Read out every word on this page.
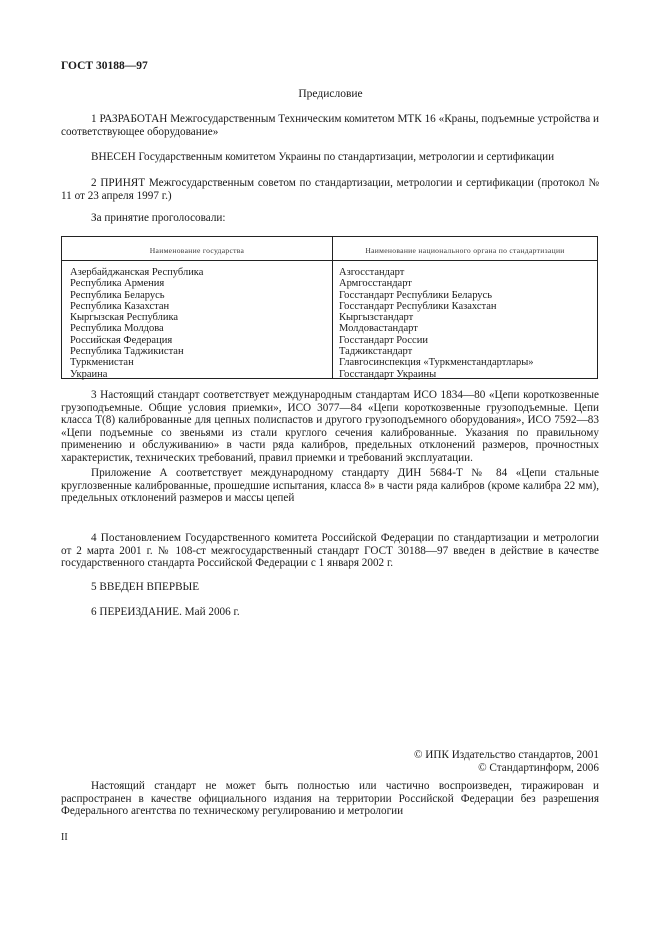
ГОСТ 30188—97
Предисловие
1 РАЗРАБОТАН Межгосударственным Техническим комитетом МТК 16 «Краны, подъемные устройства и соответствующее оборудование»
ВНЕСЕН Государственным комитетом Украины по стандартизации, метрологии и сертификации
2 ПРИНЯТ Межгосударственным советом по стандартизации, метрологии и сертификации (протокол № 11 от 23 апреля 1997 г.)
За принятие проголосовали:
Наименование государства	Наименование национального органа по стандартизации
Азербайджанская Республика
Республика Армения
Республика Беларусь
Республика Казахстан
Кыргызская Республика
Республика Молдова
Российская Федерация
Республика Таджикистан
Туркменистан
Украина
Азгосстандарт
Армгосстандарт
Госстандарт Республики Беларусь
Госстандарт Республики Казахстан
Кыргызстандарт
Молдовастандарт
Госстандарт России
Таджикстандарт
Главгосинспекция «Туркменстандартлары»
Госстандарт Украины
3 Настоящий стандарт соответствует международным стандартам ИСО 1834—80 «Цепи короткозвенные грузоподъемные. Общие условия приемки», ИСО 3077—84 «Цепи короткозвенные грузоподъемные. Цепи класса Т(8) калиброванные для цепных полиспастов и другого грузоподъемного оборудования», ИСО 7592—83 «Цепи подъемные со звеньями из стали круглого сечения калиброванные. Указания по правильному применению и обслуживанию» в части ряда калибров, предельных отклонений размеров, прочностных характеристик, технических требований, правил приемки и требований эксплуатации.
Приложение А соответствует международному стандарту ДИН 5684-Т № 84 «Цепи стальные круглозвенные калиброванные, прошедшие испытания, класса 8» в части ряда калибров (кроме калибра 22 мм), предельных отклонений размеров и массы цепей
4 Постановлением Государственного комитета Российской Федерации по стандартизации и метрологии от 2 марта 2001 г. № 108-ст межгосударственный стандарт ГОСТ 30188—97 введен в действие в качестве государственного стандарта Российской Федерации с 1 января 2002 г.
5 ВВЕДЕН ВПЕРВЫЕ
6 ПЕРЕИЗДАНИЕ. Май 2006 г.
© ИПК Издательство стандартов, 2001
© Стандартинформ, 2006
Настоящий стандарт не может быть полностью или частично воспроизведен, тиражирован и распространен в качестве официального издания на территории Российской Федерации без разрешения Федерального агентства по техническому регулированию и метрологии
II
